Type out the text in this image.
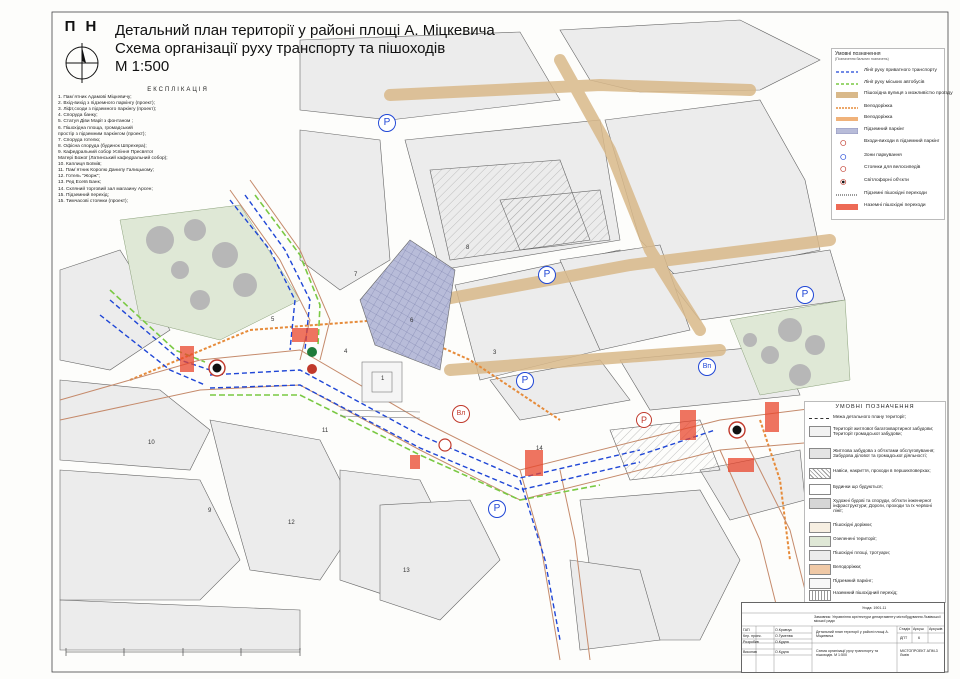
P
P
P
P
P
P
Вп
Вл
1
3
4
5	6
7
8
9
10
11
12
13
14
П Н Детальний план території у районі площі А. Міцкевича
Схема організації руху транспорту та пішоходів
М 1:500
ЕКСПЛІКАЦІЯ
1. Пам`ятник Адамові Міцкевичу;
2. Вхід-вихід з підземного паркінгу (проект);
3. Ліфт,сходи з підземного паркінгу (проект);
4. Споруда банку;
5. Статуя Діви Марії з фонтаном ;
6. Пішохідна площа, громадський
простір з підземним паркінгом (проект);
7. Споруда готелю;
8. Офісна споруда (будинок Шпрехера);
9. Кафедральний собор Успіння Пресвятої
Матері Божої (Латинський кафедральний собор);
10. Каплиця Боїмів;
11. Пам`ятник Королю Данилу Галицькому;
12. Готель "Жорж";
13. Ред Есеїв Банк;
14. Скляний торговий зал магазину Арсен;
15. Підземний перехід;
15. Тимчасові стоянки (проект);
Умовні позначення
(Позначення бальних позначень)
Лінії руху приватного транспорту
Лінії руху міських автобусів
Пішохідна вулиця з можливістю проїзду
Велодоріжка
Велодоріжка
Підземний паркінг
Входи-виходи в підземний паркінг
Зони паркування
Стоянки для велосипедів
Світлофорні об'єкти
Підземні пішохідні переходи
Наземні пішохідні переходи
УМОВНІ ПОЗНАЧЕННЯ
Межа детального плану території;
Території житлової багатоквартирної забудови; Території громадської забудови;
Житлова забудова з об'єктами обслуговування; Забудова ділової та громадської діяльності;
Навіси, накриття, проходи в першихповерхах;
Будинки що будуються;
Художні будові та споруди, об'єкти інженерної інфраструктури; Дороги, проходи та їх червоні лінії;
Пішохідні доріжки;
Озеленені території;
Пішохідні площі, тротуари;
Велодоріжки;
Підземний паркінг;
Наземний пішохідний перехід;
Угода: 1901-11
Замовник: Управління архітектури департаменту містобудування Львівської міської ради
Детальний план території у районі площі А. Міцкевича
Схема організації руху транспорту та пішоходів. М 1:500
Стадія Аркуш Аркушів
ДПТ	6
МІСТОПРОЕКТ АПМ-3 Львів
ГАП
Кер. проек.
Розробив
Виконав
О.Кравчук
О.Гуменюк
О.Кудла
О.Кудла
